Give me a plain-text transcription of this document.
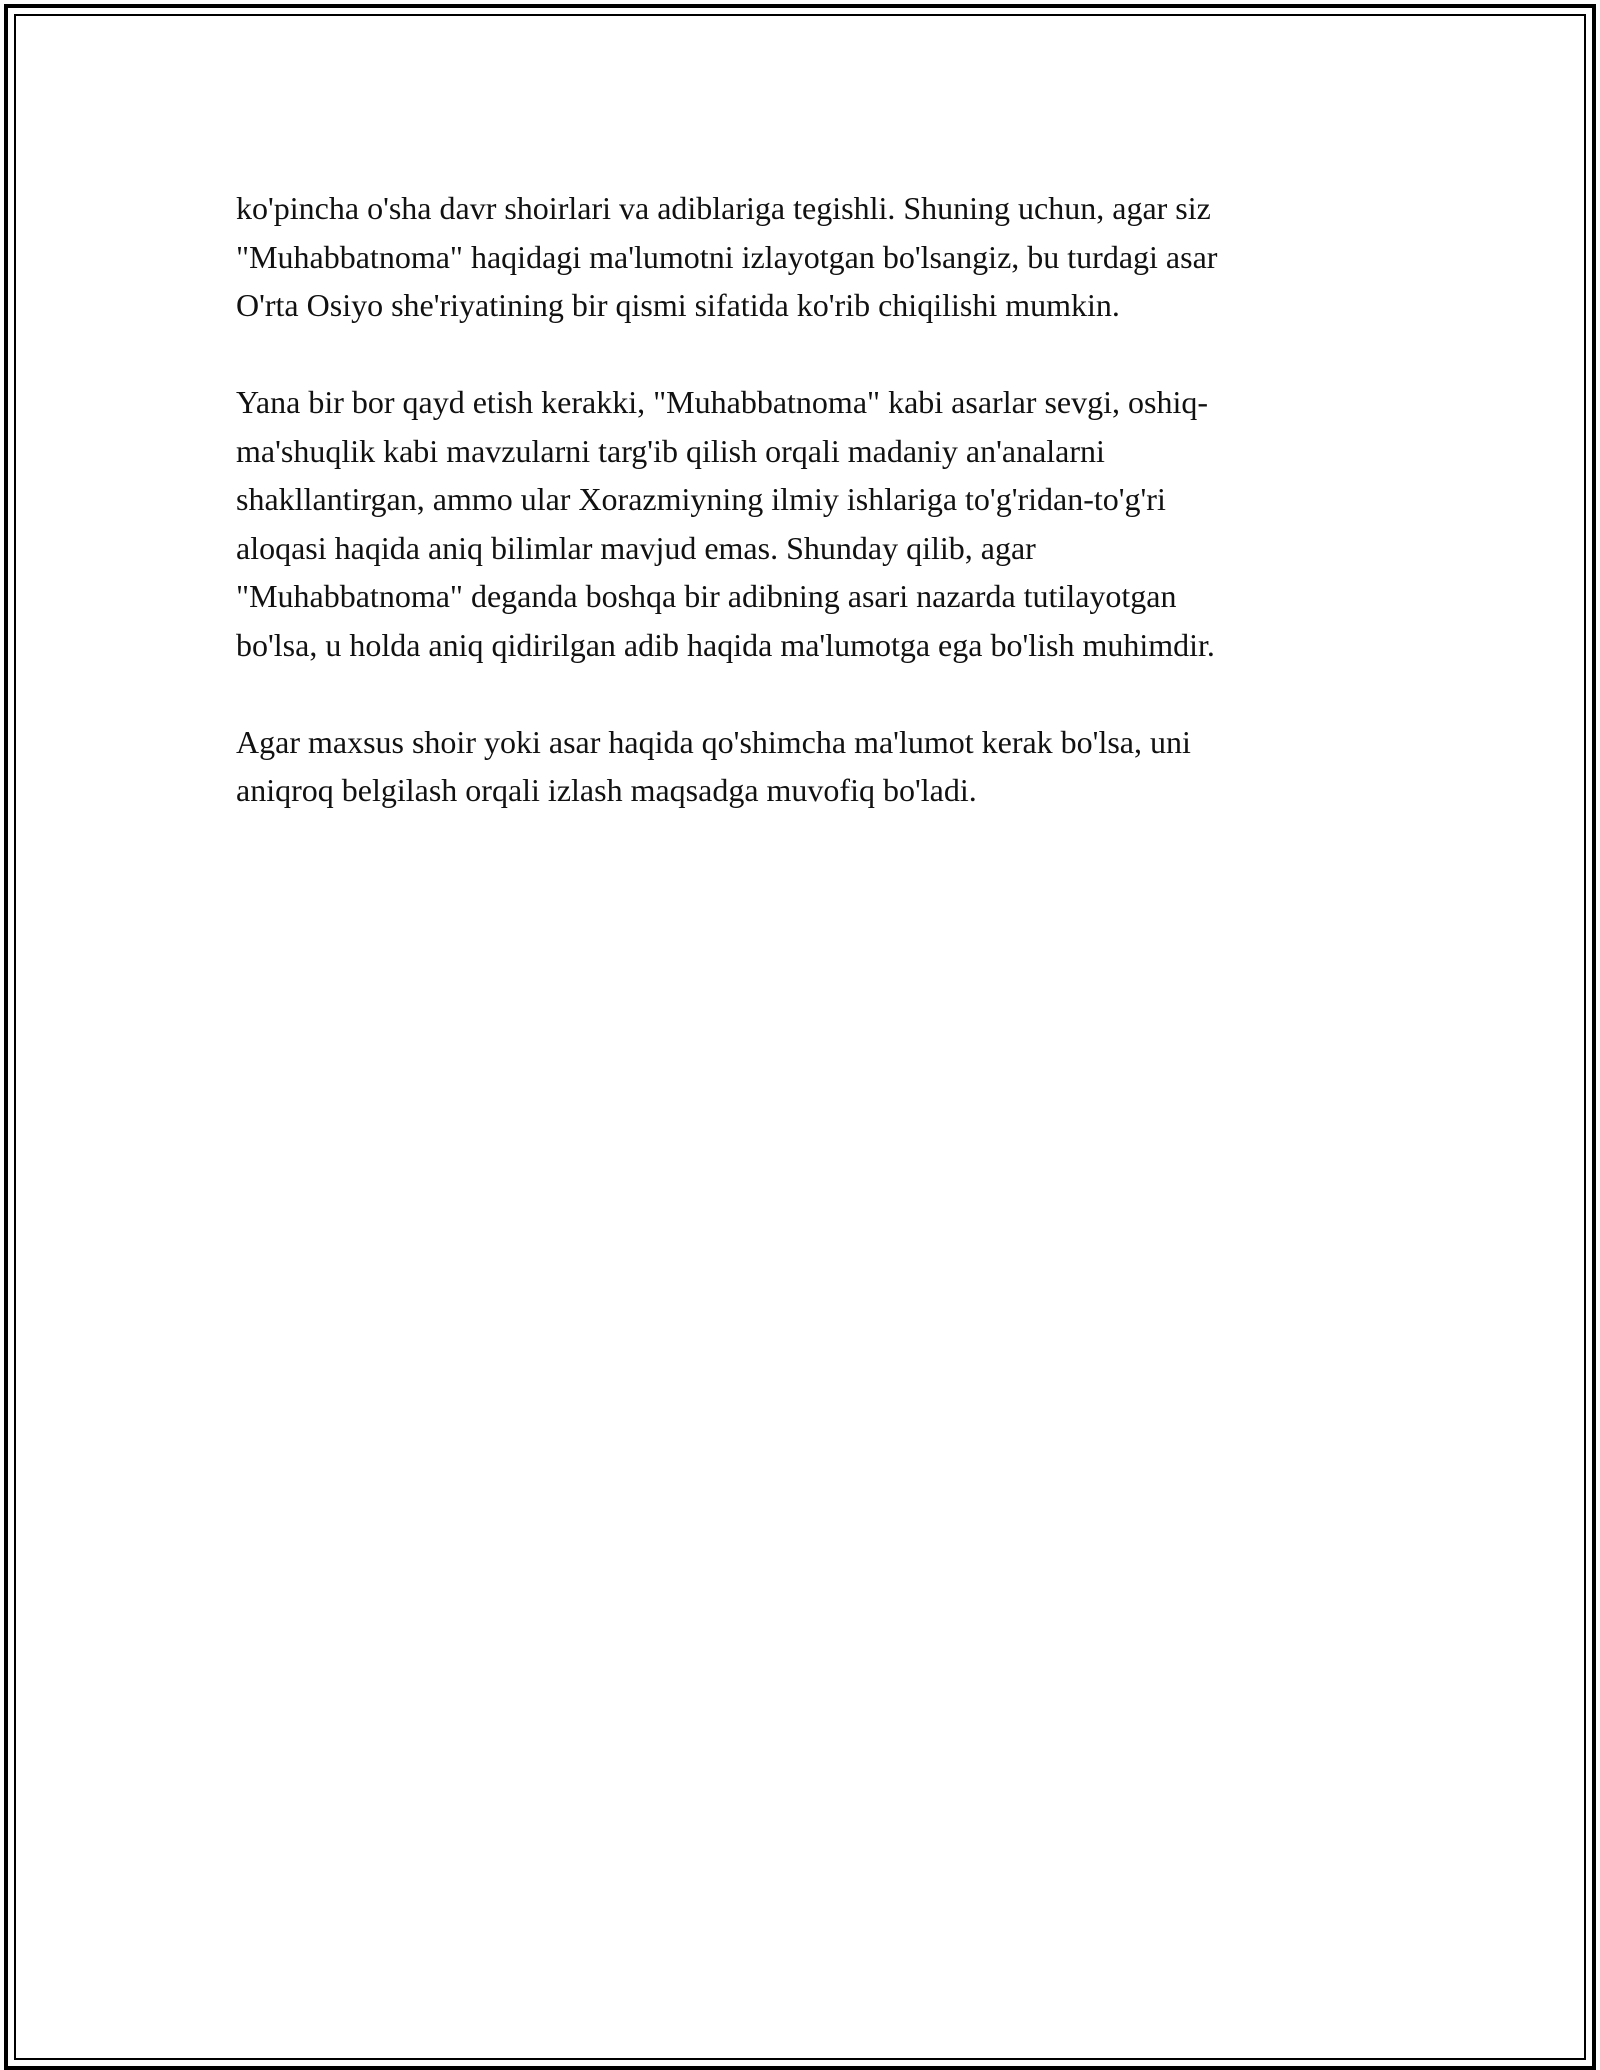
ko'pincha o'sha davr shoirlari va adiblariga tegishli. Shuning uchun, agar siz
"Muhabbatnoma" haqidagi ma'lumotni izlayotgan bo'lsangiz, bu turdagi asar
O'rta Osiyo she'riyatining bir qismi sifatida ko'rib chiqilishi mumkin.

Yana bir bor qayd etish kerakki, "Muhabbatnoma" kabi asarlar sevgi, oshiq-
ma'shuqlik kabi mavzularni targ'ib qilish orqali madaniy an'analarni
shakllantirgan, ammo ular Xorazmiyning ilmiy ishlariga to'g'ridan-to'g'ri
aloqasi haqida aniq bilimlar mavjud emas. Shunday qilib, agar
"Muhabbatnoma" deganda boshqa bir adibning asari nazarda tutilayotgan
bo'lsa, u holda aniq qidirilgan adib haqida ma'lumotga ega bo'lish muhimdir.

Agar maxsus shoir yoki asar haqida qo'shimcha ma'lumot kerak bo'lsa, uni
aniqroq belgilash orqali izlash maqsadga muvofiq bo'ladi.
